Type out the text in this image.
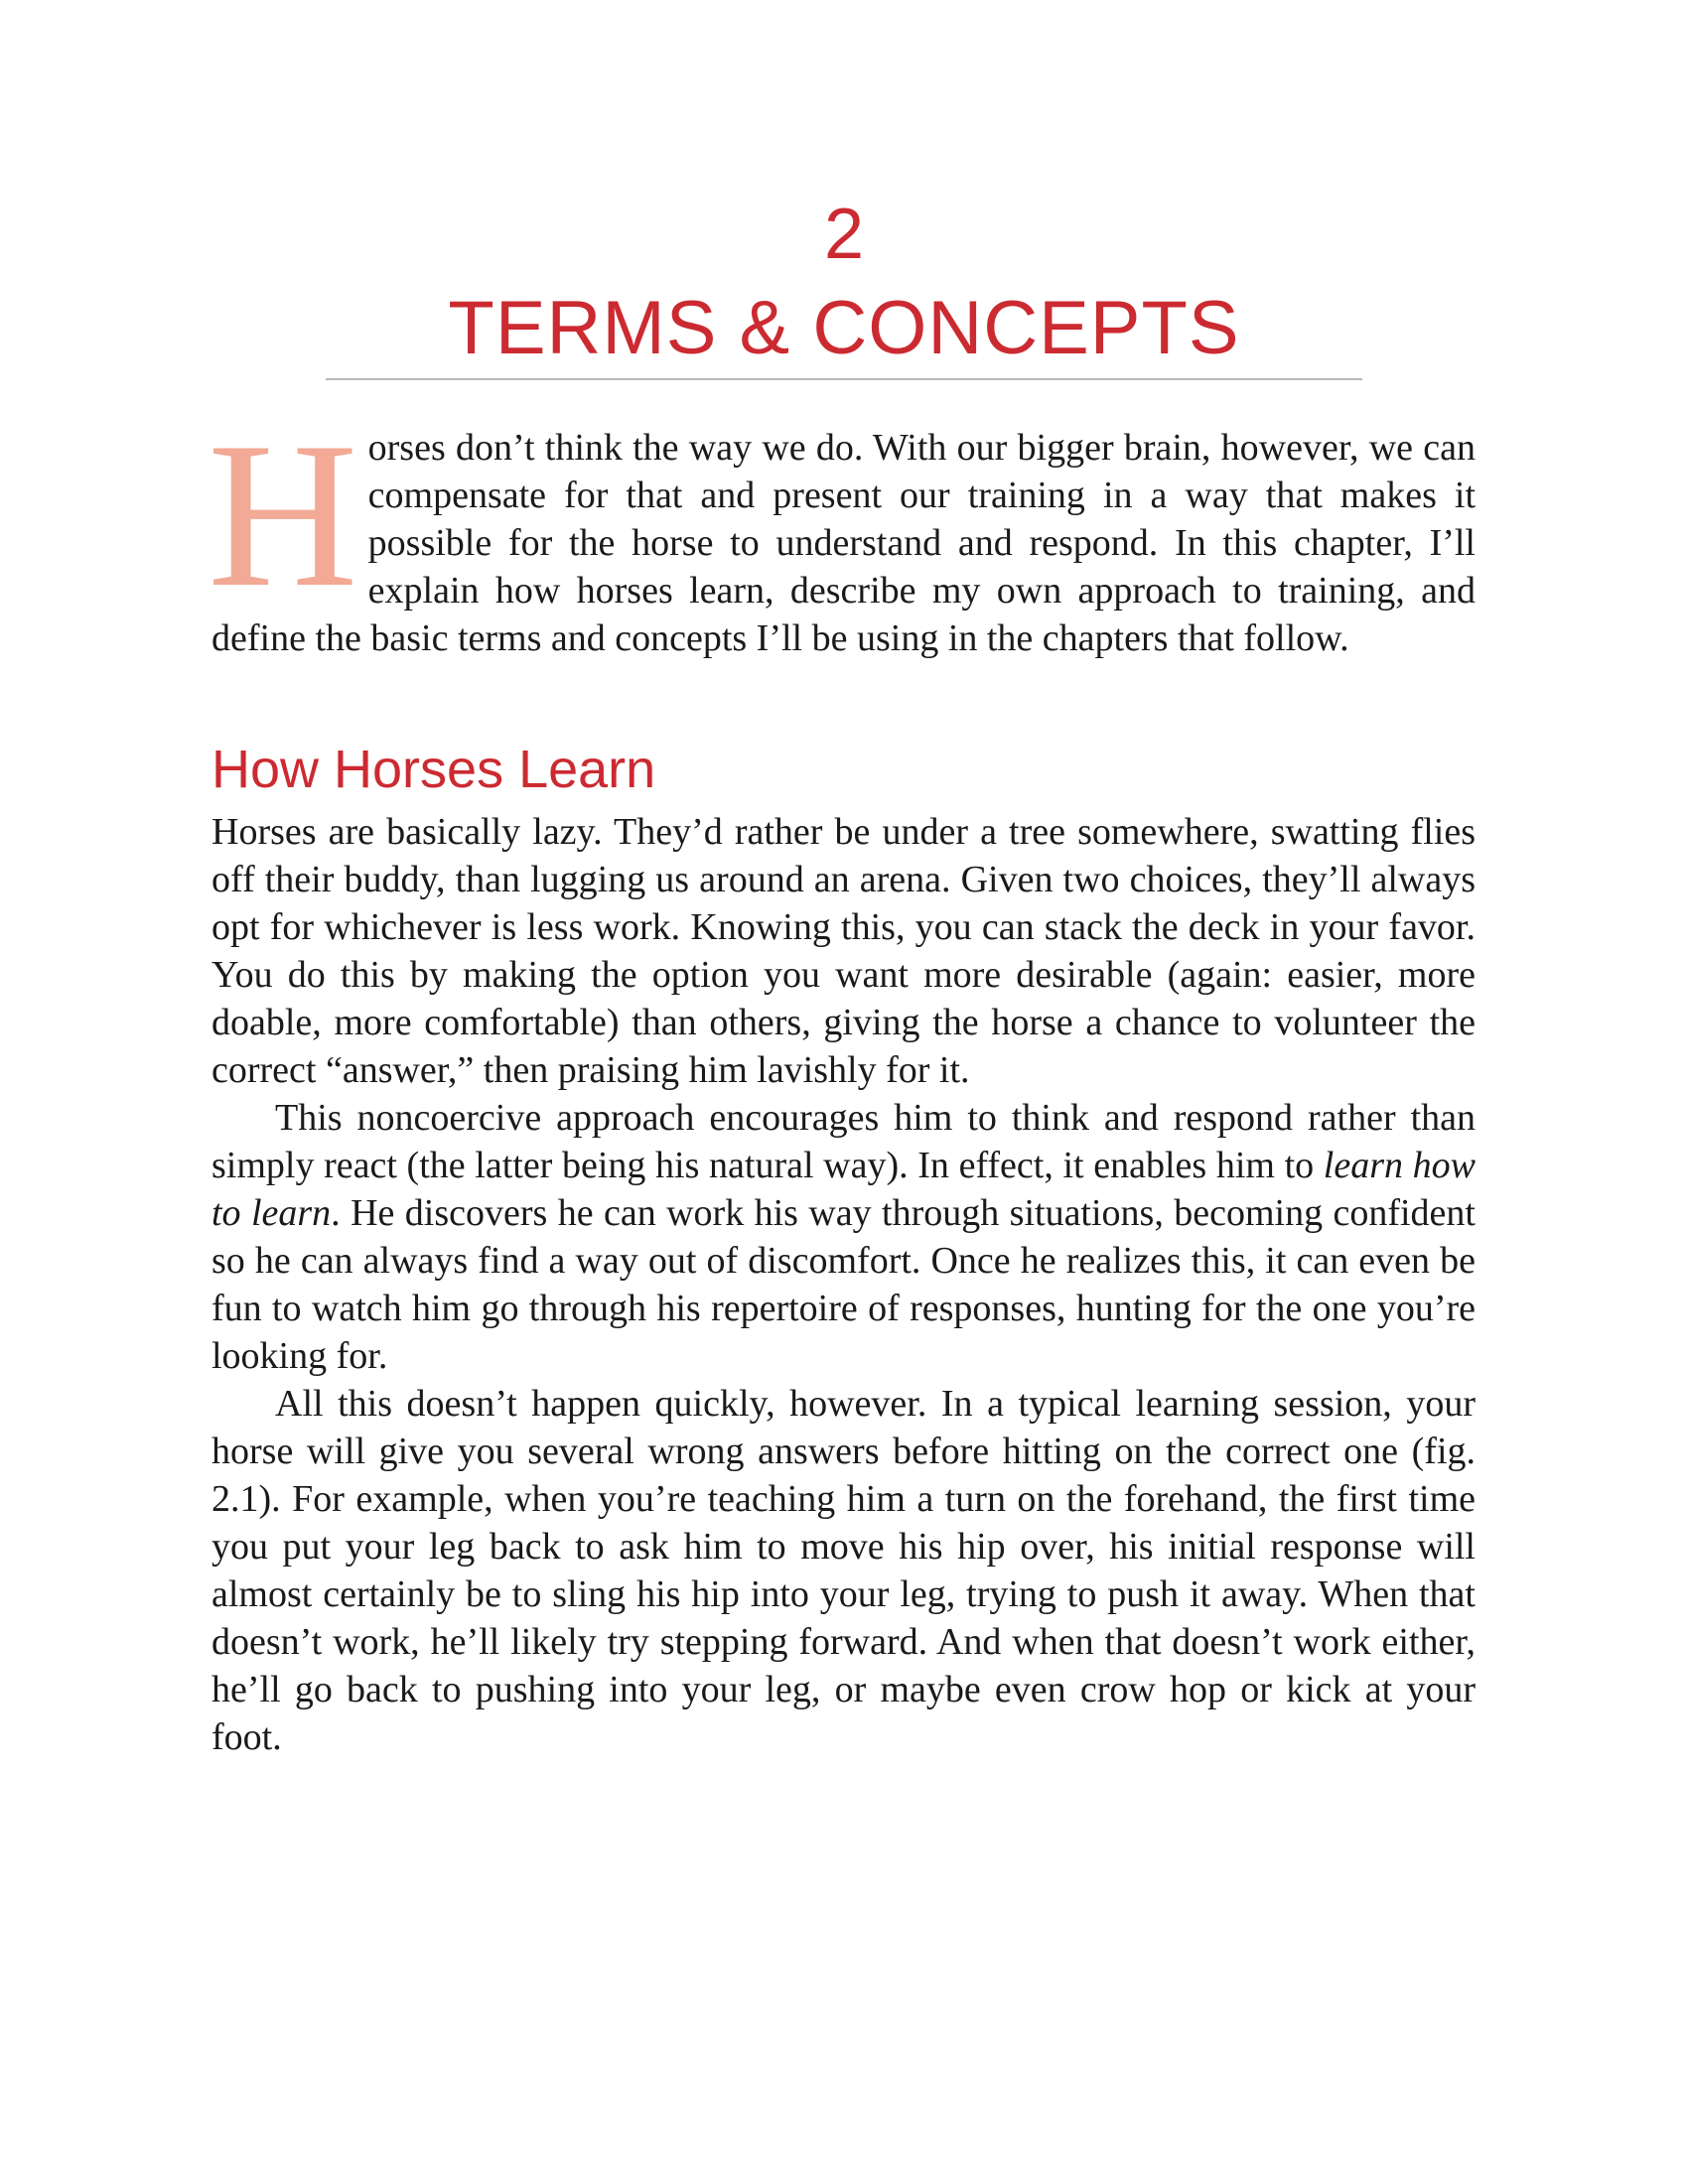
2
TERMS & CONCEPTS
Horses don’t think the way we do. With our bigger brain, however, we can compensate for that and present our training in a way that makes it possible for the horse to understand and respond. In this chapter, I’ll explain how horses learn, describe my own approach to training, and define the basic terms and concepts I’ll be using in the chapters that follow.
How Horses Learn

Horses are basically lazy. They’d rather be under a tree somewhere, swatting flies off their buddy, than lugging us around an arena. Given two choices, they’ll always opt for whichever is less work. Knowing this, you can stack the deck in your favor. You do this by making the option you want more desirable (again: easier, more doable, more comfortable) than others, giving the horse a chance to volunteer the correct “answer,” then praising him lavishly for it.

This noncoercive approach encourages him to think and respond rather than simply react (the latter being his natural way). In effect, it enables him to learn how to learn. He discovers he can work his way through situations, becoming confident so he can always find a way out of discomfort. Once he realizes this, it can even be fun to watch him go through his repertoire of responses, hunting for the one you’re looking for.

All this doesn’t happen quickly, however. In a typical learning session, your horse will give you several wrong answers before hitting on the correct one (fig. 2.1). For example, when you’re teaching him a turn on the forehand, the first time you put your leg back to ask him to move his hip over, his initial response will almost certainly be to sling his hip into your leg, trying to push it away. When that doesn’t work, he’ll likely try stepping forward. And when that doesn’t work either, he’ll go back to pushing into your leg, or maybe even crow hop or kick at your foot.
